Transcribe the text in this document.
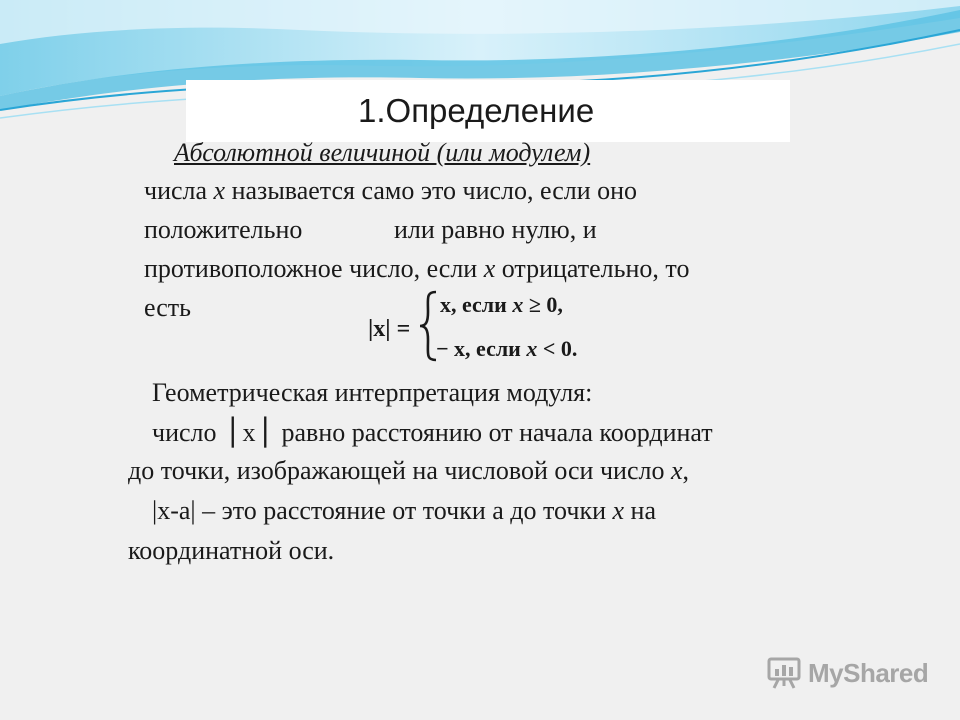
1.Определение
Абсолютной величиной (или модулем)
числа x называется само это число, если оно
положительно	или равно нулю, и
противоположное число, если x отрицательно, то
есть
|x| =
x, если x ≥ 0,
− x, если x < 0.
Геометрическая интерпретация модуля:
число ⎪x⎪ равно расстоянию от начала координат
до точки, изображающей на числовой оси число x,
|x-a| – это расстояние от точки a до точки x на
координатной оси.
MyShared
